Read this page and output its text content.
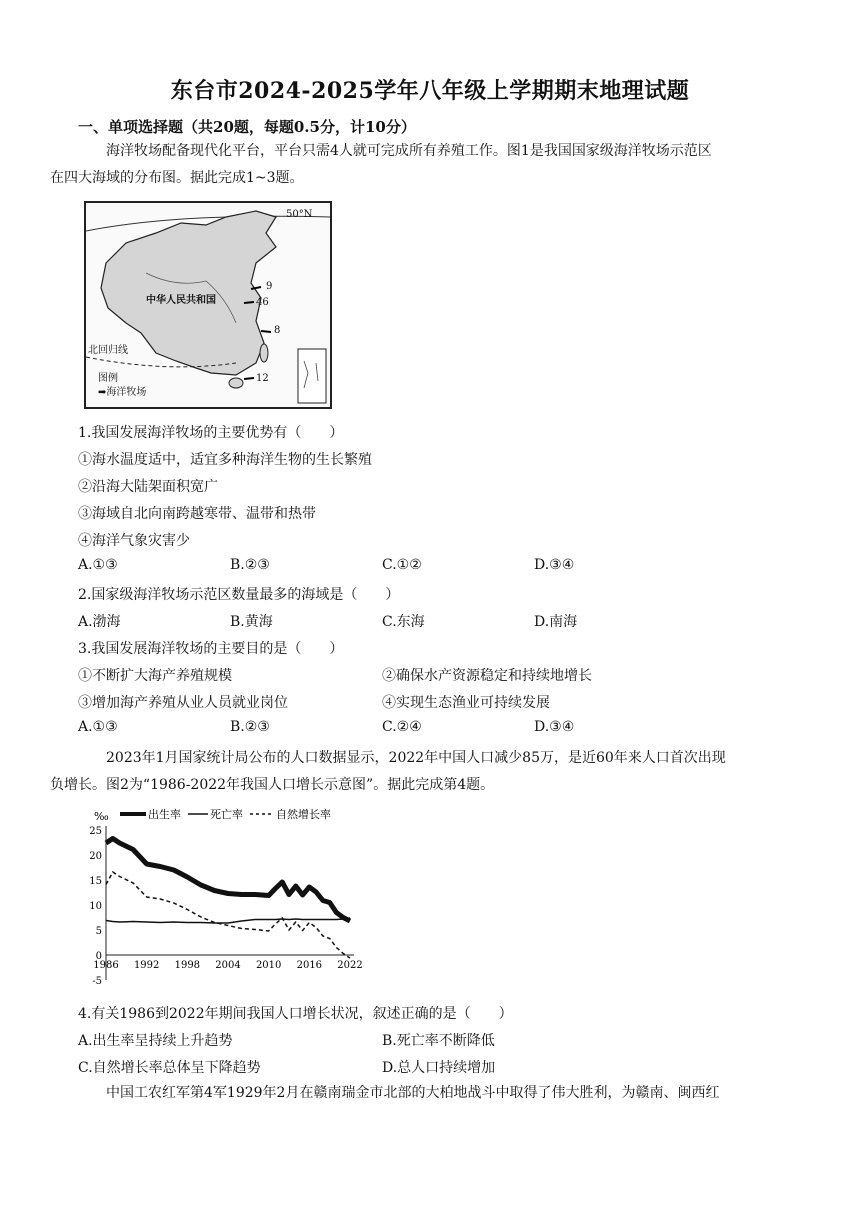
东台市2024-2025学年八年级上学期期末地理试题
一、单项选择题（共20题，每题0.5分，计10分）
海洋牧场配备现代化平台，平台只需4人就可完成所有养殖工作。图1是我国国家级海洋牧场示范区
在四大海域的分布图。据此完成1~3题。
50°N
中华人民共和国
北回归线
图例
➡海洋牧场
9
46
8
12
1.我国发展海洋牧场的主要优势有（　　）
①海水温度适中，适宜多种海洋生物的生长繁殖
②沿海大陆架面积宽广
③海域自北向南跨越寒带、温带和热带
④海洋气象灾害少
A.①③	B.②③	C.①②	D.③④
2.国家级海洋牧场示范区数量最多的海域是（　　）
A.渤海	B.黄海	C.东海	D.南海
3.我国发展海洋牧场的主要目的是（　　）
①不断扩大海产养殖规模	②确保水产资源稳定和持续地增长
③增加海产养殖从业人员就业岗位	④实现生态渔业可持续发展
A.①③	B.②③	C.②④	D.③④
2023年1月国家统计局公布的人口数据显示，2022年中国人口减少85万，是近60年来人口首次出现
负增长。图2为“1986-2022年我国人口增长示意图”。据此完成第4题。
‰
25
20
15
10
5
0
-5
1986 1992 1998 2004 2010 2016 2022
出生率	死亡率	自然增长率
4.有关1986到2022年期间我国人口增长状况，叙述正确的是（　　）
A.出生率呈持续上升趋势	B.死亡率不断降低
C.自然增长率总体呈下降趋势	D.总人口持续增加
中国工农红军第4军1929年2月在赣南瑞金市北部的大柏地战斗中取得了伟大胜利，为赣南、闽西红
